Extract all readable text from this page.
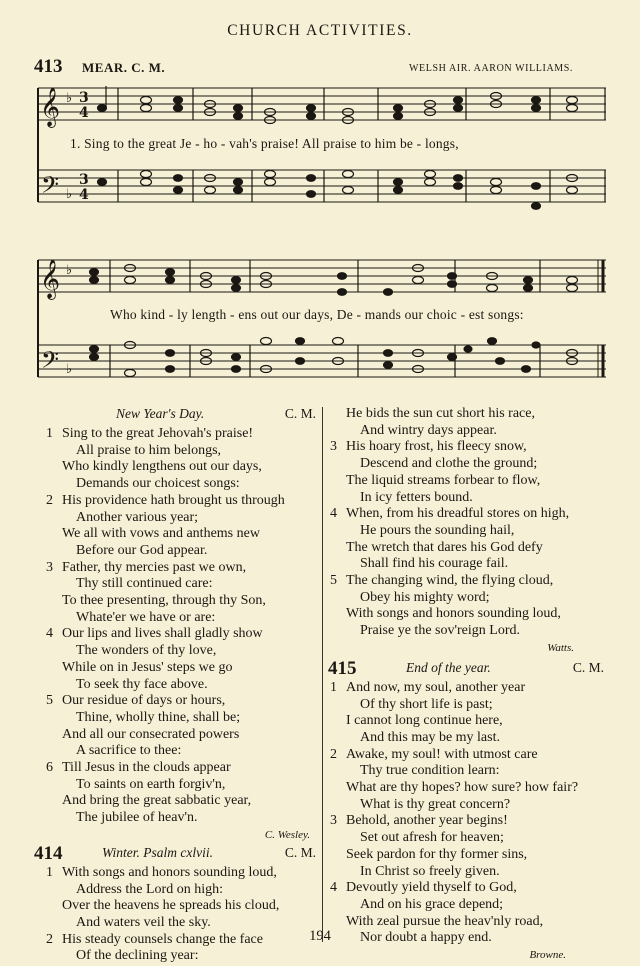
CHURCH ACTIVITIES.
413 MEAR. C. M.	WELSH AIR. AARON WILLIAMS.
𝄞
𝄞
𝄢
𝄢
♭
♭
♭
♭
3
4
3
4
1. Sing to the great Je - ho - vah's praise! All praise to him be - longs,
Who kind - ly length - ens out our days, De - mands our choic - est songs:
New Year's Day.	C. M.
1 Sing to the great Jehovah's praise!
All praise to him belongs,
Who kindly lengthens out our days,
Demands our choicest songs:
2 His providence hath brought us through
Another various year;
We all with vows and anthems new
Before our God appear.
3 Father, thy mercies past we own,
Thy still continued care:
To thee presenting, through thy Son,
Whate'er we have or are:
4 Our lips and lives shall gladly show
The wonders of thy love,
While on in Jesus' steps we go
To seek thy face above.
5 Our residue of days or hours,
Thine, wholly thine, shall be;
And all our consecrated powers
A sacrifice to thee:
6 Till Jesus in the clouds appear
To saints on earth forgiv'n,
And bring the great sabbatic year,
The jubilee of heav'n.
C. Wesley.
414	Winter. Psalm cxlvii.	C. M.
1 With songs and honors sounding loud,
Address the Lord on high:
Over the heavens he spreads his cloud,
And waters veil the sky.
2 His steady counsels change the face
Of the declining year:
He bids the sun cut short his race,
And wintry days appear.
3 His hoary frost, his fleecy snow,
Descend and clothe the ground;
The liquid streams forbear to flow,
In icy fetters bound.
4 When, from his dreadful stores on high,
He pours the sounding hail,
The wretch that dares his God defy
Shall find his courage fail.
5 The changing wind, the flying cloud,
Obey his mighty word;
With songs and honors sounding loud,
Praise ye the sov'reign Lord.
Watts.
415	End of the year.	C. M.
1 And now, my soul, another year
Of thy short life is past;
I cannot long continue here,
And this may be my last.
2 Awake, my soul! with utmost care
Thy true condition learn:
What are thy hopes? how sure? how fair?
What is thy great concern?
3 Behold, another year begins!
Set out afresh for heaven;
Seek pardon for thy former sins,
In Christ so freely given.
4 Devoutly yield thyself to God,
And on his grace depend;
With zeal pursue the heav'nly road,
Nor doubt a happy end.
Browne.
194
